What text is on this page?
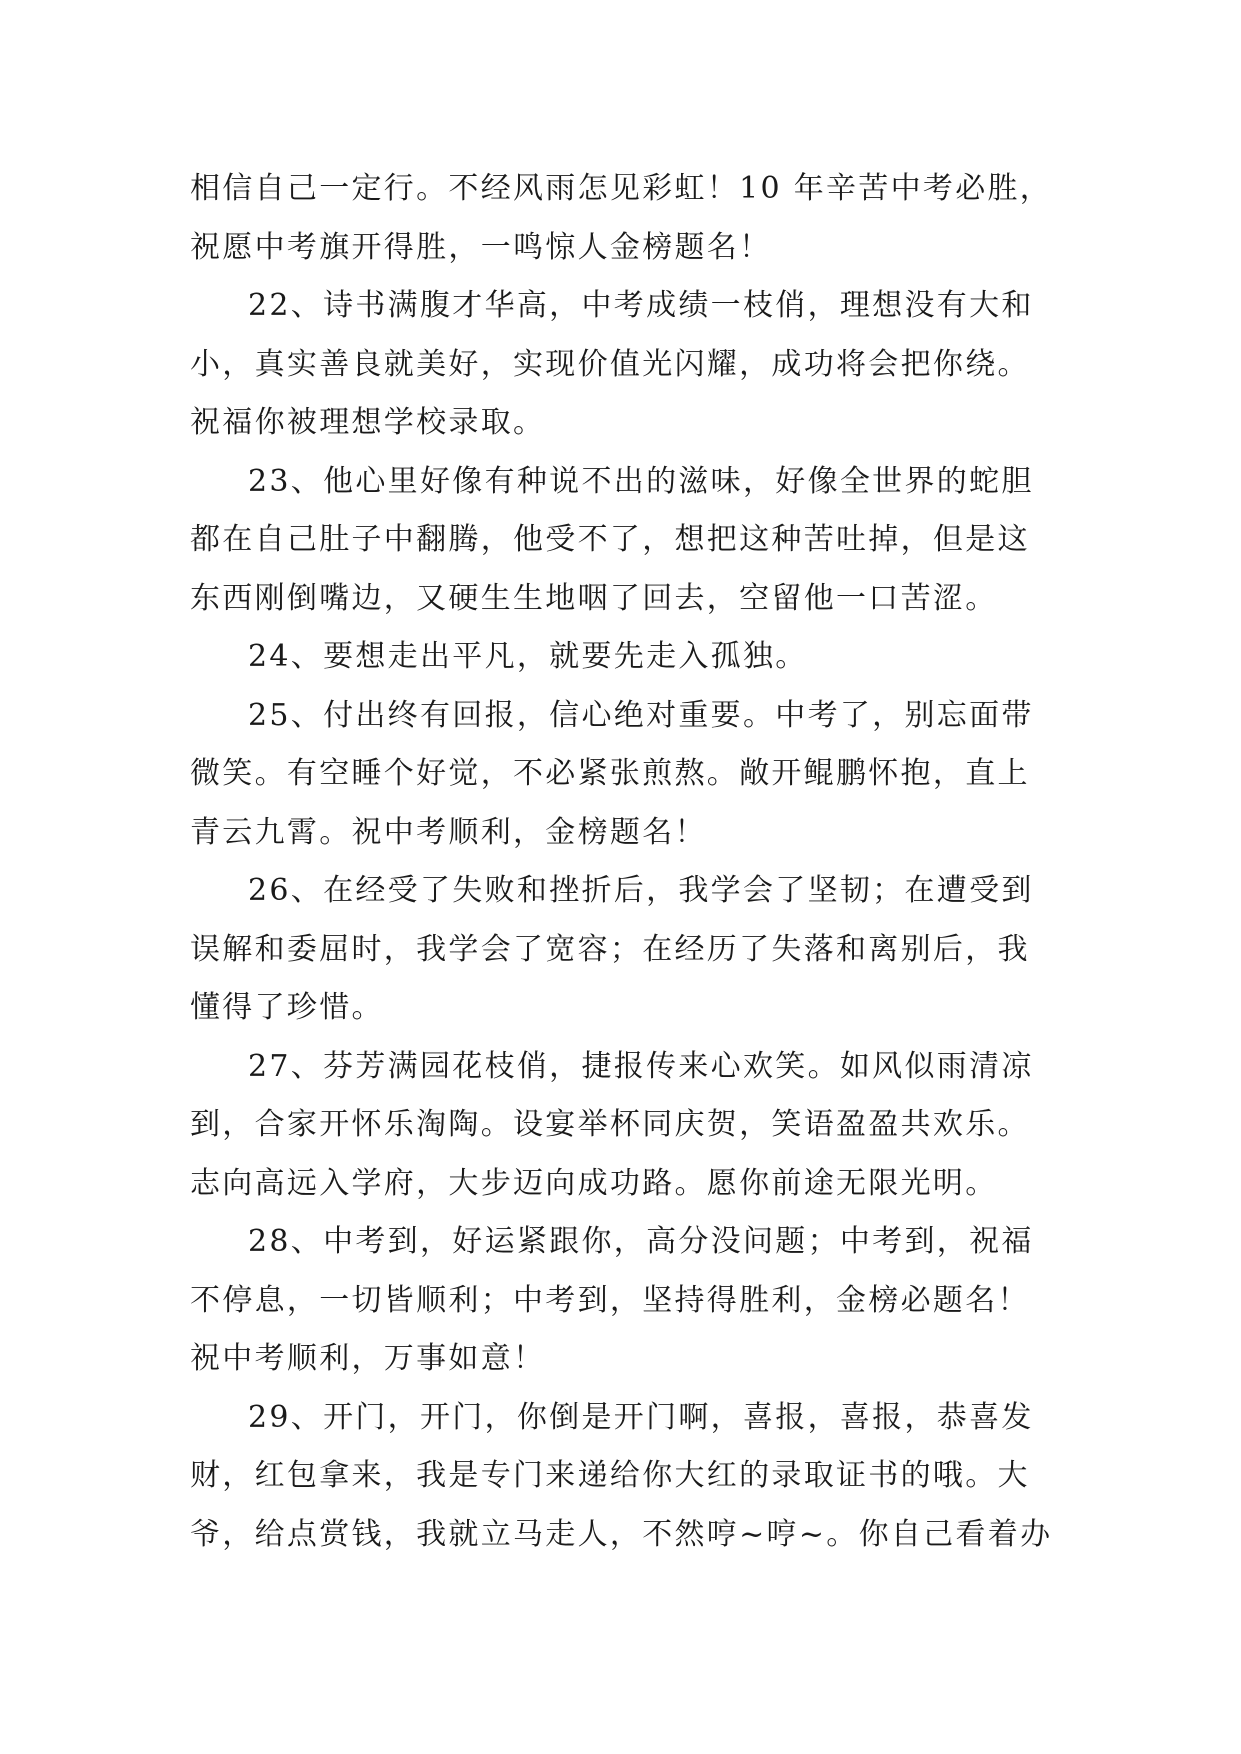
相信自己一定行。不经风雨怎见彩虹！10 年辛苦中考必胜，
祝愿中考旗开得胜，一鸣惊人金榜题名！
22、诗书满腹才华高，中考成绩一枝俏，理想没有大和
小，真实善良就美好，实现价值光闪耀，成功将会把你绕。
祝福你被理想学校录取。
23、他心里好像有种说不出的滋味，好像全世界的蛇胆
都在自己肚子中翻腾，他受不了，想把这种苦吐掉，但是这
东西刚倒嘴边，又硬生生地咽了回去，空留他一口苦涩。
24、要想走出平凡，就要先走入孤独。
25、付出终有回报，信心绝对重要。中考了，别忘面带
微笑。有空睡个好觉，不必紧张煎熬。敞开鲲鹏怀抱，直上
青云九霄。祝中考顺利，金榜题名！
26、在经受了失败和挫折后，我学会了坚韧；在遭受到
误解和委屈时，我学会了宽容；在经历了失落和离别后，我
懂得了珍惜。
27、芬芳满园花枝俏，捷报传来心欢笑。如风似雨清凉
到，合家开怀乐淘陶。设宴举杯同庆贺，笑语盈盈共欢乐。
志向高远入学府，大步迈向成功路。愿你前途无限光明。
28、中考到，好运紧跟你，高分没问题；中考到，祝福
不停息，一切皆顺利；中考到，坚持得胜利，金榜必题名！
祝中考顺利，万事如意！
29、开门，开门，你倒是开门啊，喜报，喜报，恭喜发
财，红包拿来，我是专门来递给你大红的录取证书的哦。大
爷，给点赏钱，我就立马走人，不然哼~哼~。你自己看着办
